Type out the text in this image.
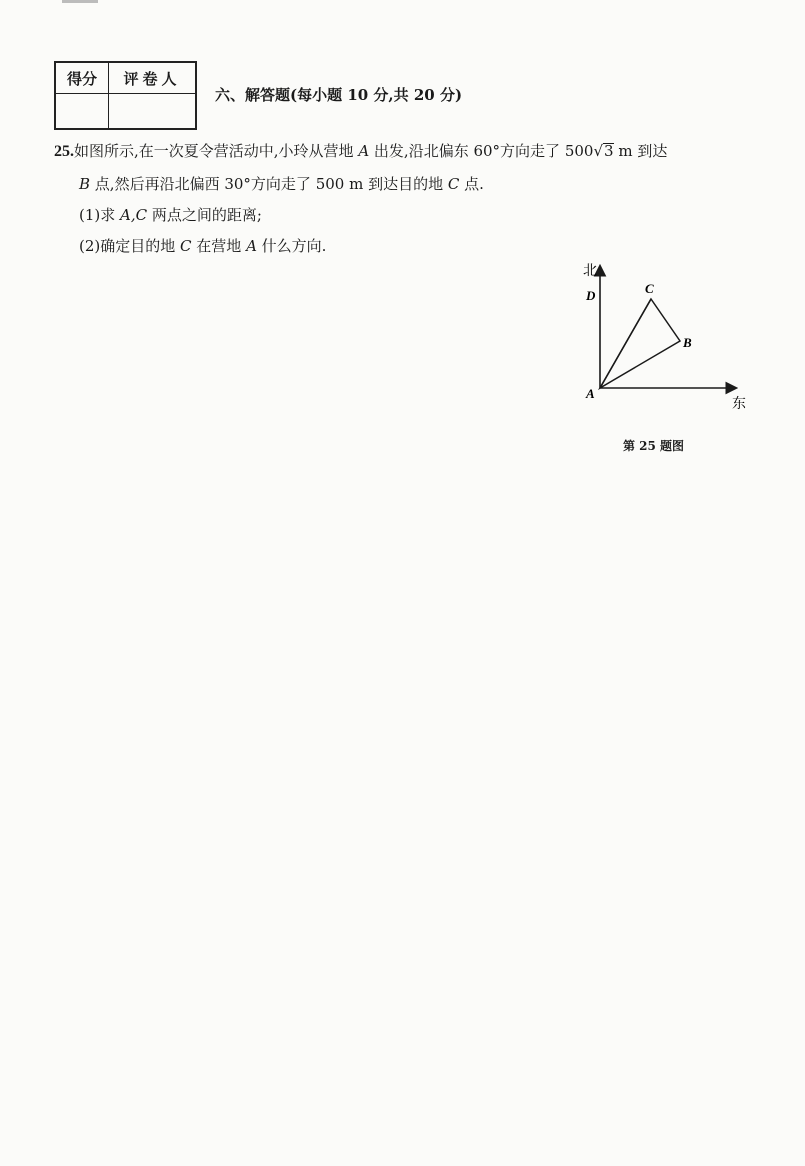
得分	评卷人

六、解答题(每小题 10 分,共 20 分)
25.如图所示,在一次夏令营活动中,小玲从营地 A 出发,沿北偏东 60°方向走了 500√3 m 到达
B 点,然后再沿北偏西 30°方向走了 500 m 到达目的地 C 点.
(1)求 A,C 两点之间的距离;
(2)确定目的地 C 在营地 A 什么方向.
北
东
D	C
B
A
第 25 题图
